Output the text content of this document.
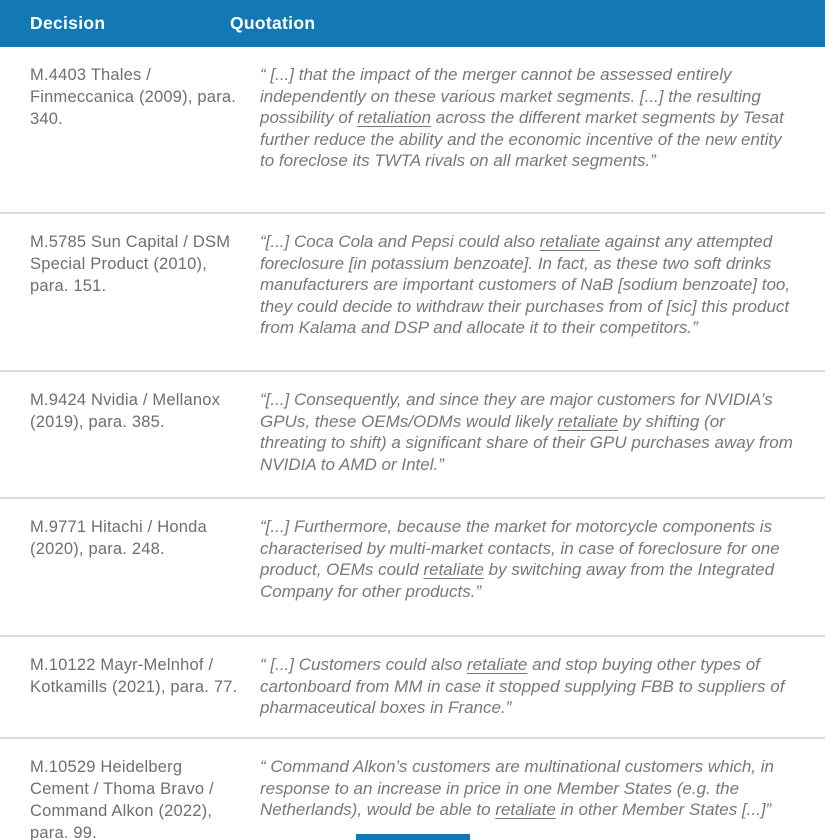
Decision	Quotation
M.4403 Thales / Finmeccanica (2009), para. 340.
“ [...] that the impact of the merger cannot be assessed entirely independently on these various market segments. [...] the resulting possibility of retaliation across the different market segments by Tesat further reduce the ability and the economic incentive of the new entity to foreclose its TWTA rivals on all market segments.”
M.5785 Sun Capital / DSM Special Product (2010), para. 151.
“[...] Coca Cola and Pepsi could also retaliate against any attempted foreclosure [in potassium benzoate]. In fact, as these two soft drinks manufacturers are important customers of NaB [sodium benzoate] too, they could decide to withdraw their purchases from of [sic] this product from Kalama and DSP and allocate it to their competitors.”
M.9424 Nvidia / Mellanox (2019), para. 385.
“[...] Consequently, and since they are major customers for NVIDIA’s GPUs, these OEMs/ODMs would likely retaliate by shifting (or threating to shift) a significant share of their GPU purchases away from NVIDIA to AMD or Intel.”
M.9771 Hitachi / Honda (2020), para. 248.
“[...] Furthermore, because the market for motorcycle components is characterised by multi-market contacts, in case of foreclosure for one product, OEMs could retaliate by switching away from the Integrated Company for other products.”
M.10122 Mayr-Melnhof / Kotkamills (2021), para. 77.
“ [...] Customers could also retaliate and stop buying other types of cartonboard from MM in case it stopped supplying FBB to suppliers of pharmaceutical boxes in France.”
M.10529 Heidelberg Cement / Thoma Bravo / Command Alkon (2022), para. 99.
“ Command Alkon’s customers are multinational customers which, in response to an increase in price in one Member States (e.g. the Netherlands), would be able to retaliate in other Member States [...]”
